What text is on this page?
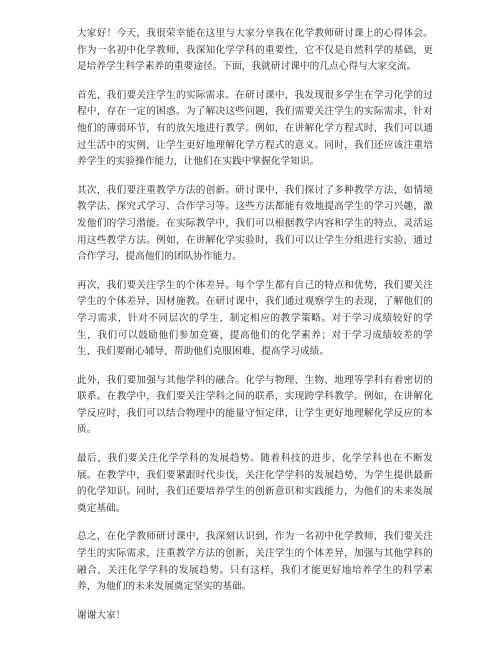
大家好！今天，我很荣幸能在这里与大家分享我在化学教师研讨课上的心得体会。作为一名初中化学教师，我深知化学学科的重要性，它不仅是自然科学的基础，更是培养学生科学素养的重要途径。下面，我就研讨课中的几点心得与大家交流。

首先，我们要关注学生的实际需求。在研讨课中，我发现很多学生在学习化学的过程中，存在一定的困惑。为了解决这些问题，我们需要关注学生的实际需求，针对他们的薄弱环节，有的放矢地进行教学。例如，在讲解化学方程式时，我们可以通过生活中的实例，让学生更好地理解化学方程式的意义。同时，我们还应该注重培养学生的实验操作能力，让他们在实践中掌握化学知识。

其次，我们要注重教学方法的创新。研讨课中，我们探讨了多种教学方法，如情境教学法、探究式学习、合作学习等。这些方法都能有效地提高学生的学习兴趣，激发他们的学习潜能。在实际教学中，我们可以根据教学内容和学生的特点，灵活运用这些教学方法。例如，在讲解化学实验时，我们可以让学生分组进行实验，通过合作学习，提高他们的团队协作能力。

再次，我们要关注学生的个体差异。每个学生都有自己的特点和优势，我们要关注学生的个体差异，因材施教。在研讨课中，我们通过观察学生的表现，了解他们的学习需求，针对不同层次的学生，制定相应的教学策略。对于学习成绩较好的学生，我们可以鼓励他们参加竞赛，提高他们的化学素养；对于学习成绩较差的学生，我们要耐心辅导，帮助他们克服困难，提高学习成绩。

此外，我们要加强与其他学科的融合。化学与物理、生物、地理等学科有着密切的联系。在教学中，我们要关注学科之间的联系，实现跨学科教学。例如，在讲解化学反应时，我们可以结合物理中的能量守恒定律，让学生更好地理解化学反应的本质。

最后，我们要关注化学学科的发展趋势。随着科技的进步，化学学科也在不断发展。在教学中，我们要紧跟时代步伐，关注化学学科的发展趋势，为学生提供最新的化学知识。同时，我们还要培养学生的创新意识和实践能力，为他们的未来发展奠定基础。

总之，在化学教师研讨课中，我深刻认识到，作为一名初中化学教师，我们要关注学生的实际需求，注重教学方法的创新，关注学生的个体差异，加强与其他学科的融合，关注化学学科的发展趋势。只有这样，我们才能更好地培养学生的科学素养，为他们的未来发展奠定坚实的基础。

谢谢大家！
